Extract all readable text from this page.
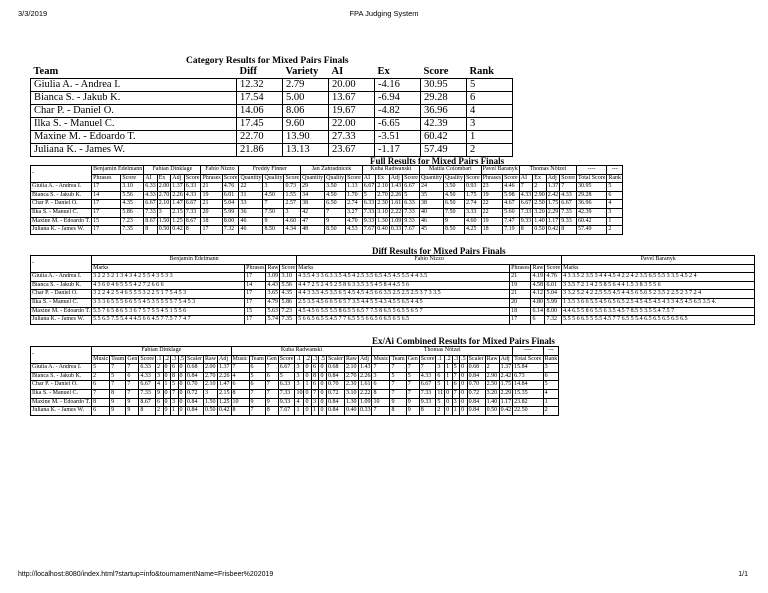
3/3/2019	FPA Judging System
Category Results for Mixed Pairs Finals
Team	Diff	Variety	AI	Ex	Score	Rank
Giulia A. - Andrea I.	12.32	2.79	20.00	-4.16	30.95	5
Bianca S. - Jakub K.	17.54	5.00	13.67	-6.94	29.28	6
Char P. - Daniel O.	14.06	8.06	19.67	-4.82	36.96	4
Ilka S. - Manuel C.	17.45	9.60	22.00	-6.65	42.39	3
Maxine M. - Edoardo T.	22.70	13.90	27.33	-3.51	60.42	1
Juliana K. - James W.	21.86	13.13	23.67	-1.17	57.49	2
Full Results for Mixed Pairs Finals
-	Benjamin Edelmann		Fabian Dinklage				Fabio Nizzo		Freddy Finner			Jan Zahradnicek			Kuba Radwanski				Mattia Colombari			Pavel Baranyk		Thomas Nötzel				----	---
	Phrases	Score	AI	Ex	Adj	Score	Phrases	Score	Quantity	Quality	Score	Quantity	Quality	Score	AI	Ex	Adj	Score	Quantity	Quality	Score	Phrases	Score	AI	Ex	Adj	Score	Total Score	Rank
Giulia A. - Andrea I.	17	3.10	6.33	2.00	1.37	6.33	21	4.76	22	3	0.73	29	3.50	1.13	6.67	2.10	1.43	6.67	24	3.50	0.93	23	4.46	7	2	1.37	7	30.95	5
Bianca S. - Jakub K.	14	5.56	4.33	2.70	2.26	4.33	19	6.01	31	4.50	1.55	34	4.50	1.70	5	2.70	2.26	5	35	4.50	1.75	19	5.98	4.33	2.90	2.42	4.33	29.28	6
Char P. - Daniel O.	17	4.35	6.67	2.10	1.47	6.67	21	5.04	33	7	2.57	38	6.50	2.74	6.33	2.30	1.61	6.33	38	6.50	2.74	22	4.67	6.67	2.50	1.75	6.67	36.96	4
Ilka S. - Manuel C.	17	5.86	7.33	3	2.15	7.33	20	5.99	36	7.50	3	42	7	3.27	7.33	3.10	2.22	7.33	40	7.50	3.33	22	5.60	7.33	3.20	2.29	7.33	42.39	3
Maxine M. - Edoardo T.	15	7.23	8.67	1.50	1.25	8.67	18	8.00	46	9	4.60	47	9	4.70	9.33	1.30	1.09	9.33	46	9	4.60	19	7.47	9.33	1.40	1.17	9.33	60.42	1
Juliana K. - James W.	17	7.35	8	0.50	0.42	8	17	7.32	46	8.50	4.34	48	8.50	4.53	7.67	0.40	0.33	7.67	45	8.50	4.25	18	7.19	8	0.50	0.42	8	57.49	2
Diff Results for Mixed Pairs Finals
-	Benjamin Edelmann				Fabio Nizzo				Pavel Baranyk
	Marks	Phrases	Raw	Score	Marks	Phrases	Raw	Score	Marks
Giulia A. - Andrea I.	3 2 2 3 2 1 3 4 3 4 2 5 5 4 3 5 3 3	17	3.09	3.10	4 3.5 4 3 3 6.3 3.5 4.5 4 2.5 3.5 6.5 4.5 4.5 5.5 4 4 3.5	21	4.19	4.76	4 3 3.5 2 3.5 3 4 4 4.5 4 2 2 4 2 3.5 6.5 5.5 3 3.5 4.5 2 4
Bianca S. - Jakub K.	4 3 6 0 4 6 5 5 5 4 2 7 2 6 6 6	14	4.43	5.56	4 4 7 2 5 2 4 5 2 5 8 6 3 3.5 3 5 4 5 8 4 4.5 5 6	19	4.58	6.01	3 3.5 7 2 1 4 2 5 8 5 6 4 4 1.5 3 8 3 5 5 6
Char P. - Daniel O.	3 2 2 4 2 5 4 6 5 5 5 3 2 2 5 1 7 5 4 5 3	17	3.65	4.35	4 4 3 3.5 4.5 3.5 6 5 4.5 4.5 4.5 6 6 3.5 2.5 2.5 2.5 3 7 3 3.5	21	4.12	5.04	3 3.2 5.2 4 2 2.5 5.5 4.5 4 4.5 6 5.6 5 2 3.5 2 2.5 2 3 7 2 4
Ilka S. - Manuel C.	3 3 3 6 5 5 5 6 6 5 5 4 5 3 5 5 5 5 7 5 4 5 3	17	4.79	5.86	2.5 3.5 4.5 6 6 5 6 5 7 3.5 4.4 5 5 4.3 4.5 5 6.5 4 4.5	20	4.80	5.99	1 3.5 3 6 6 5.5 4.5 6.5 6.5 2.5 4.5 4.5 4.5 4 3 3 4.5 4.5 6.5 3.5 4.
Maxine M. - Edoardo T.	5.5 7 6 5 8 6 5 3 6 7 5 7 5 5 4 5 1 5 5 6	15	5.63	7.23	4.5 4.5 6 5.5 5.5 8 6.5 5 6.5 7 7.5 8 6.5 5 6.5 5 6 5 7	18	6.14	8.00	4.4 6.5 5 8 6 5.5 6 3.5 4.5 7 8.5 5 3.5 5.4 7.5 7
Juliana K. - James W.	5.5 6.5 7.5 5.4 4 4.5 6 6 4.5 7 7.5 7 7 4 7	17	5.74	7.35	5 6 6.5 6.5 5.4.5 7 7 6.5 5 5 6 6.5 6 6.5 6 5 6.5	17	6	7.32	5.5 5 6 6.5 5 5.5 4.5 7 7 6.5 5 5.4 6.5 6.5 6.5 6.5 6.5
Ex/Ai Combined Results for Mixed Pairs Finals
-	Fabian Dinklage											Kuba Radwanski											Thomas Nötzel											----	---
	Music	Team	Gen	Score	.1	.2	.3	.5	Scaler	Raw	Adj	Music	Team	Gen	Score	.1	.2	.3	.5	Scaler	Raw	Adj	Music	Team	Gen	Score	.1	.2	.3	.5	Scaler	Raw	Adj	Total Score	Rank
Giulia A. - Andrea I.	5	7	7	6.33	2	0	6	0	0.68	2.00	1.37	7	6	7	6.67	3	0	6	0	0.68	2.10	1.43	7	7	7	7	3	1	5	0	0.68	2	1.37	15.84	3
Bianca S. - Jakub K.	2	5	6	4.33	3	0	8	0	0.84	2.70	2.26	4	5	6	5	3	0	8	0	0.84	2.70	2.26	3	5	5	4.33	6	1	7	0	0.84	2.90	2.42	6.73	6
Char P. - Daniel O.	6	7	7	6.67	4	1	5	0	0.70	2.10	1.47	6	6	7	6.33	3	1	6	0	0.70	2.30	1.61	6	7	7	6.67	5	1	6	0	0.70	2.50	1.75	14.84	5
Ilka S. - Manuel C.	7	8	7	7.33	9	0	7	0	0.72	3	2.15	8	7	7	7.33	10	0	7	0	0.72	3.10	2.22	8	7	7	7.33	11	0	7	0	0.72	3.20	2.29	15.35	4
Maxine M. - Edoardo T.	8	9	9	8.67	6	0	3	0	0.84	1.50	1.25	10	9	9	9.33	4	0	3	0	0.84	1.30	1.09	10	9	9	9.33	5	0	3	0	0.84	1.40	1.17	23.82	1
Juliana K. - James W.	6	9	9	8	2	0	1	0	0.84	0.50	0.42	8	7	8	7.67	1	0	1	0	0.84	0.40	0.33	7	8	9	8	2	0	1	0	0.84	0.50	0.42	22.50	2
http://localhost:8080/index.html?startup=info&tournamentName=Frisbeer%202019	1/1
